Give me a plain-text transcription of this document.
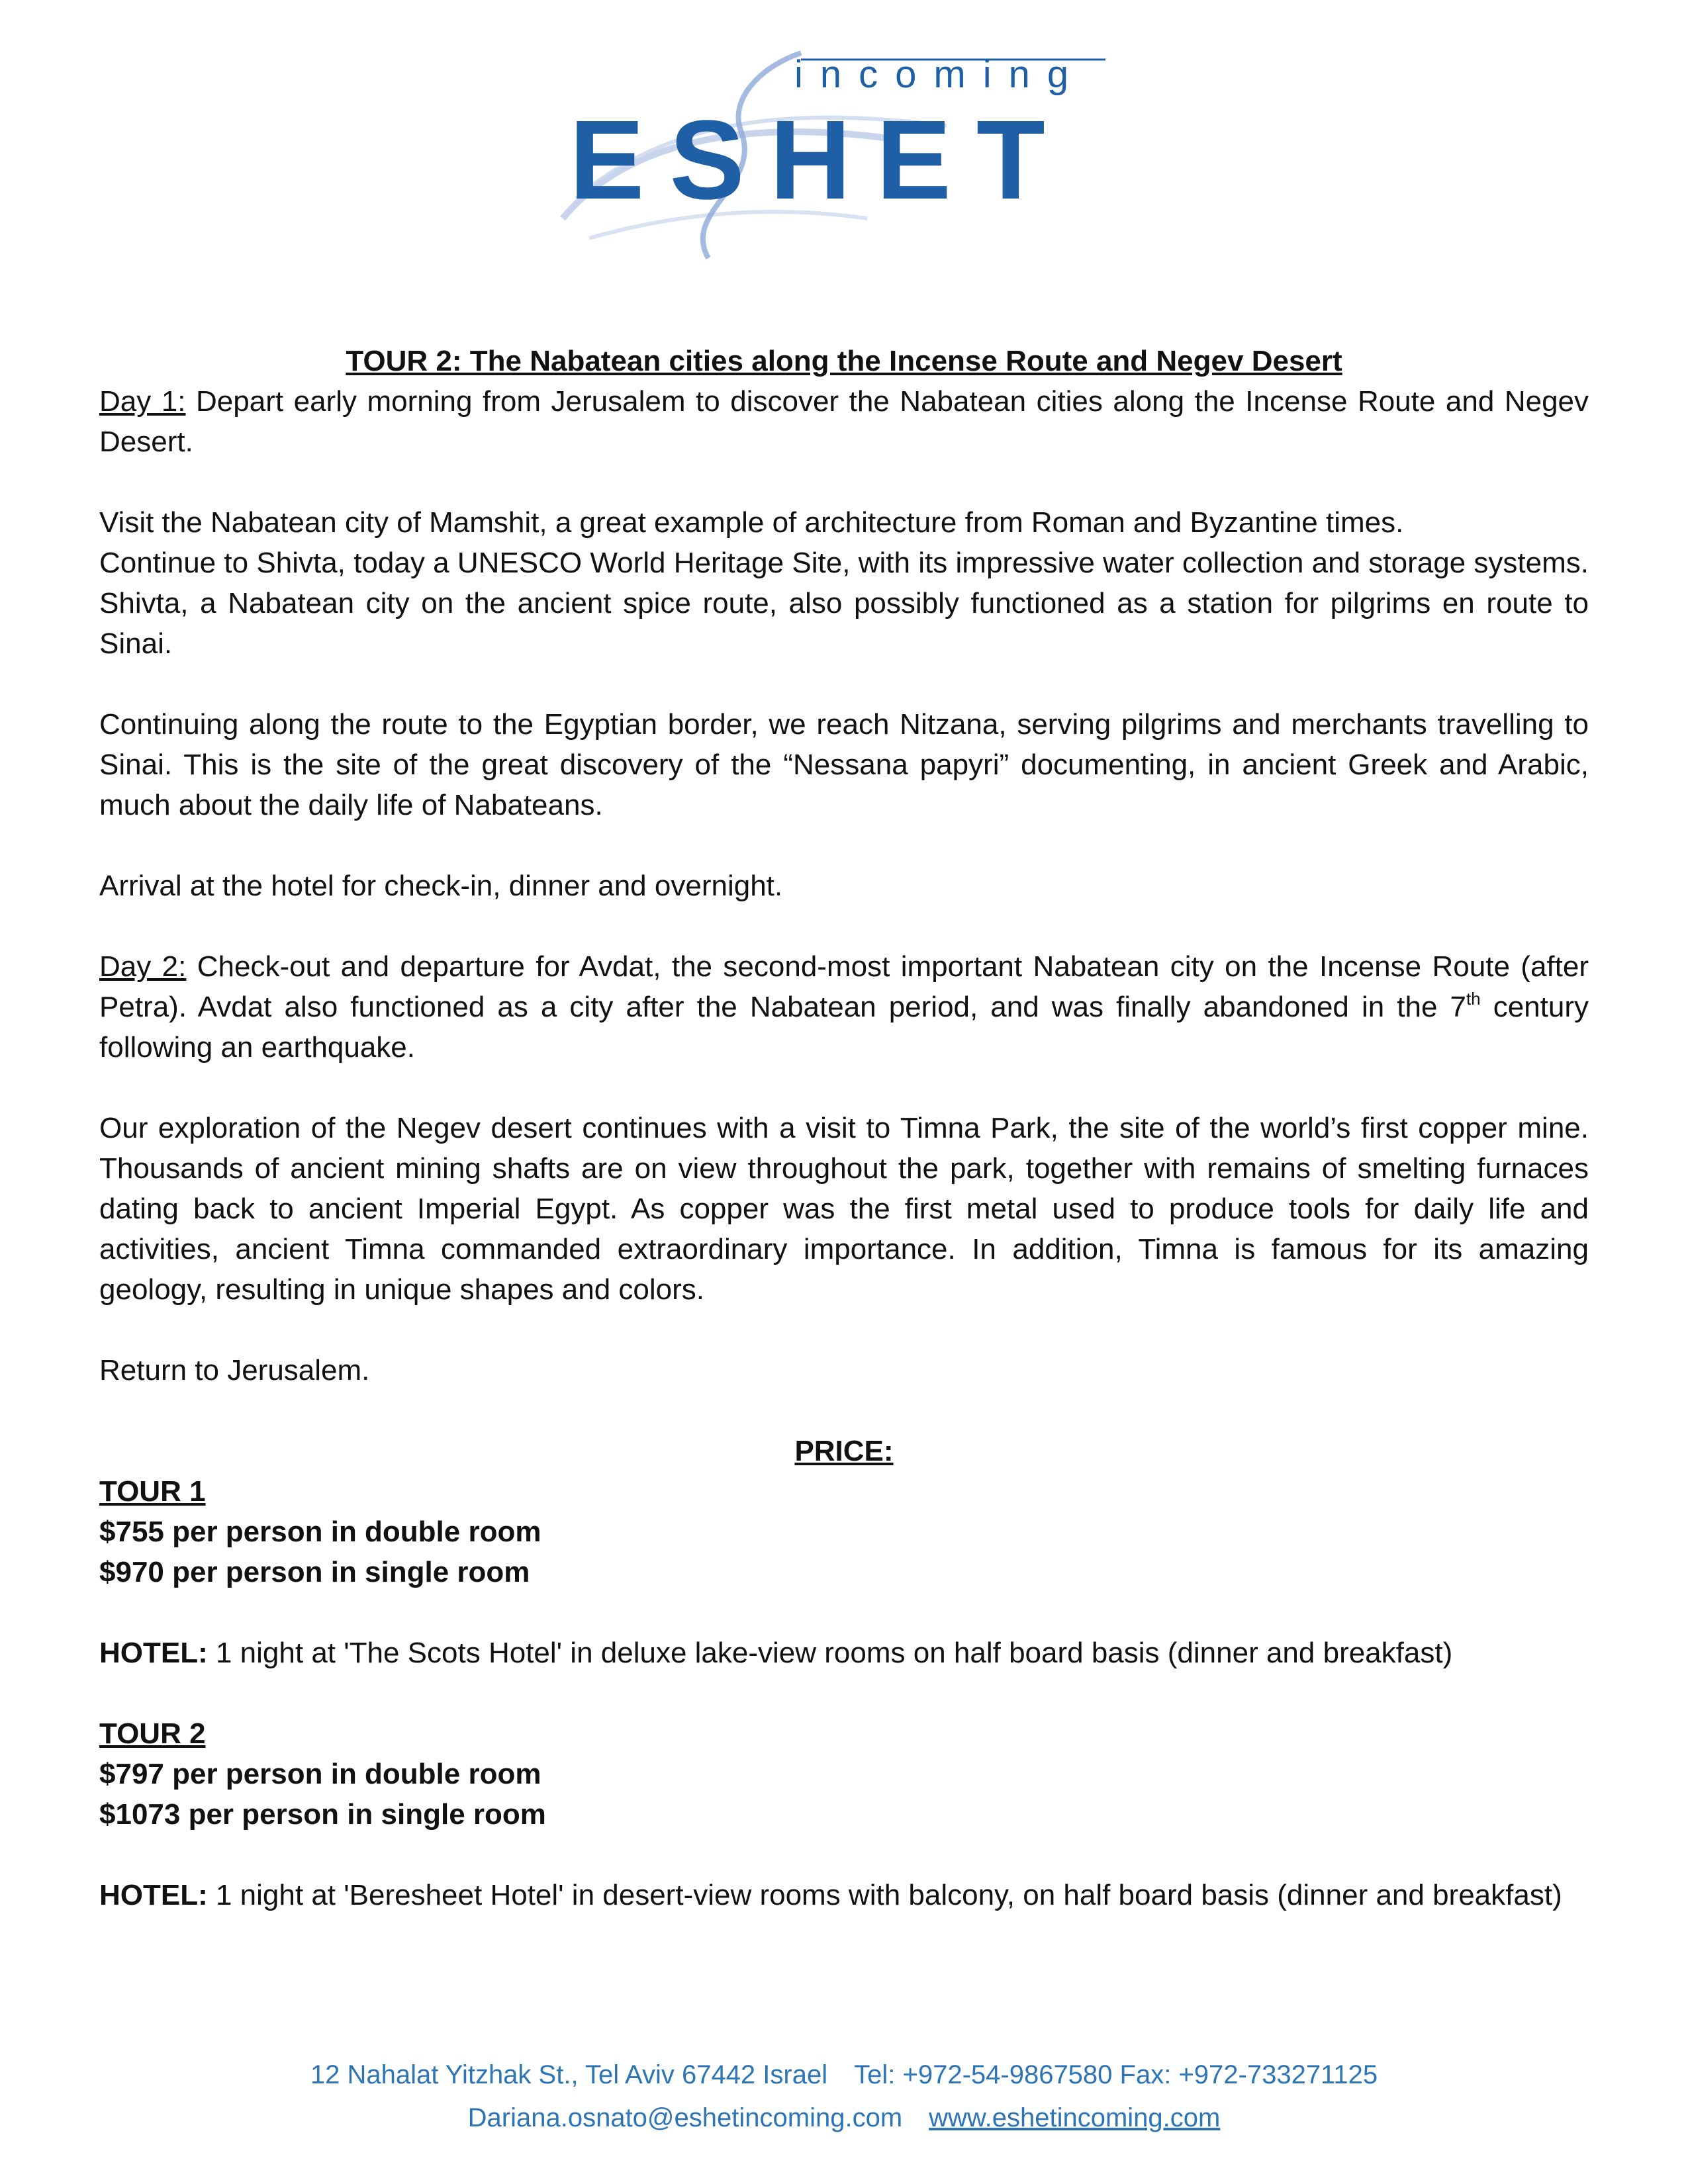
incoming
ESHET

TOUR 2: The Nabatean cities along the Incense Route and Negev Desert

Day 1: Depart early morning from Jerusalem to discover the Nabatean cities along the Incense Route and Negev Desert.

Visit the Nabatean city of Mamshit, a great example of architecture from Roman and Byzantine times.

Continue to Shivta, today a UNESCO World Heritage Site, with its impressive water collection and storage systems. Shivta, a Nabatean city on the ancient spice route, also possibly functioned as a station for pilgrims en route to Sinai.

Continuing along the route to the Egyptian border, we reach Nitzana, serving pilgrims and merchants travelling to Sinai. This is the site of the great discovery of the “Nessana papyri” documenting, in ancient Greek and Arabic, much about the daily life of Nabateans.

Arrival at the hotel for check-in, dinner and overnight.

Day 2: Check-out and departure for Avdat, the second-most important Nabatean city on the Incense Route (after Petra). Avdat also functioned as a city after the Nabatean period, and was finally abandoned in the 7th century following an earthquake.

Our exploration of the Negev desert continues with a visit to Timna Park, the site of the world’s first copper mine. Thousands of ancient mining shafts are on view throughout the park, together with remains of smelting furnaces dating back to ancient Imperial Egypt. As copper was the first metal used to produce tools for daily life and activities, ancient Timna commanded extraordinary importance. In addition, Timna is famous for its amazing geology, resulting in unique shapes and colors.

Return to Jerusalem.

PRICE:

TOUR 1

$755 per person in double room

$970 per person in single room

HOTEL: 1 night at 'The Scots Hotel' in deluxe lake-view rooms on half board basis (dinner and breakfast)

TOUR 2

$797 per person in double room

$1073 per person in single room

HOTEL: 1 night at 'Beresheet Hotel' in desert-view rooms with balcony, on half board basis (dinner and breakfast)

12 Nahalat Yitzhak St., Tel Aviv 67442 Israel Tel: +972-54-9867580 Fax: +972-733271125
Dariana.osnato@eshetincoming.com www.eshetincoming.com
